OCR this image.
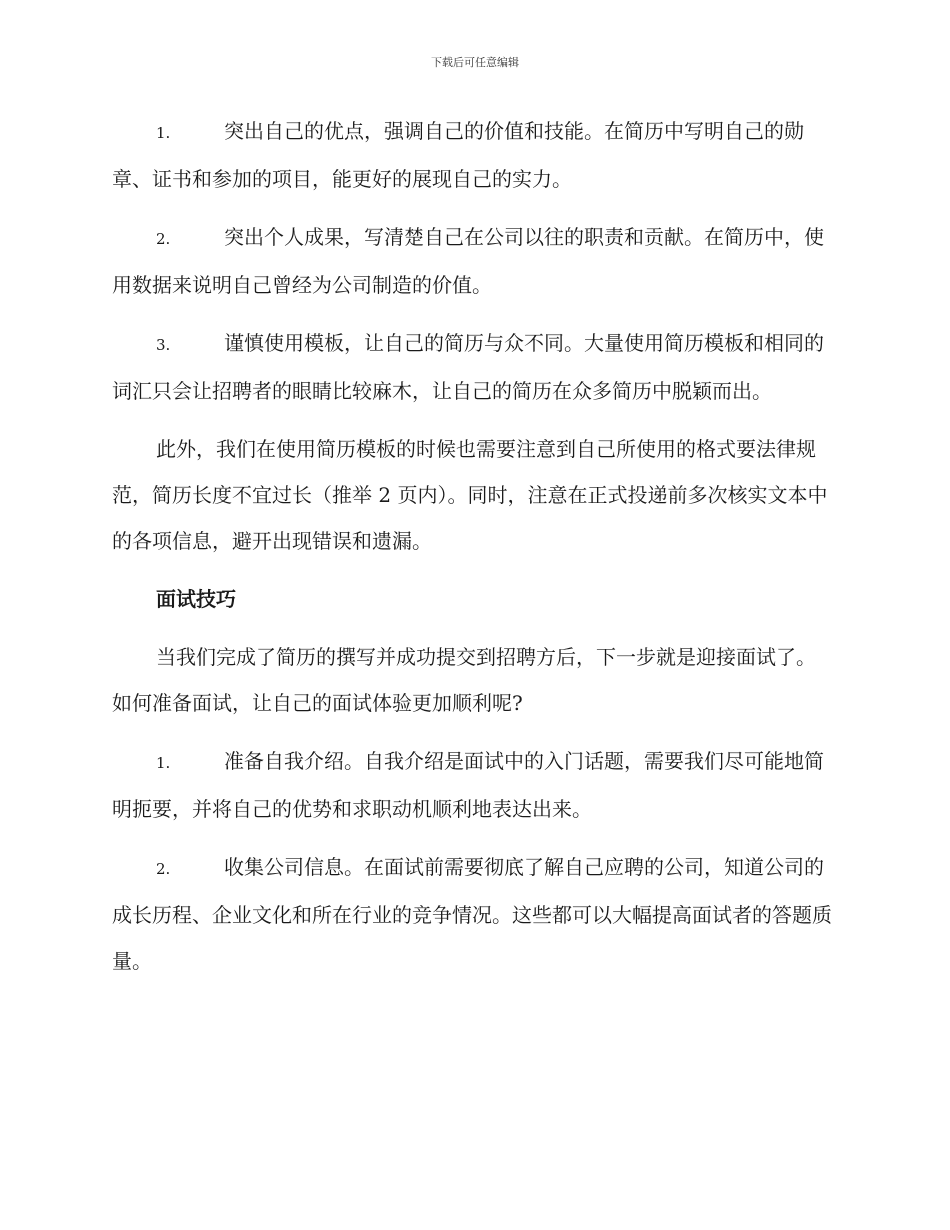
下载后可任意编辑

1.	突出自己的优点，强调自己的价值和技能。在简历中写明自己的勋章、证书和参加的项目，能更好的展现自己的实力。

2.	突出个人成果，写清楚自己在公司以往的职责和贡献。在简历中，使用数据来说明自己曾经为公司制造的价值。

3.	谨慎使用模板，让自己的简历与众不同。大量使用简历模板和相同的词汇只会让招聘者的眼睛比较麻木，让自己的简历在众多简历中脱颖而出。

此外，我们在使用简历模板的时候也需要注意到自己所使用的格式要法律规范，简历长度不宜过长（推举 2 页内）。同时，注意在正式投递前多次核实文本中的各项信息，避开出现错误和遗漏。

面试技巧

当我们完成了简历的撰写并成功提交到招聘方后，下一步就是迎接面试了。如何准备面试，让自己的面试体验更加顺利呢?

1.	准备自我介绍。自我介绍是面试中的入门话题，需要我们尽可能地简明扼要，并将自己的优势和求职动机顺利地表达出来。

2.	收集公司信息。在面试前需要彻底了解自己应聘的公司，知道公司的成长历程、企业文化和所在行业的竞争情况。这些都可以大幅提高面试者的答题质量。
